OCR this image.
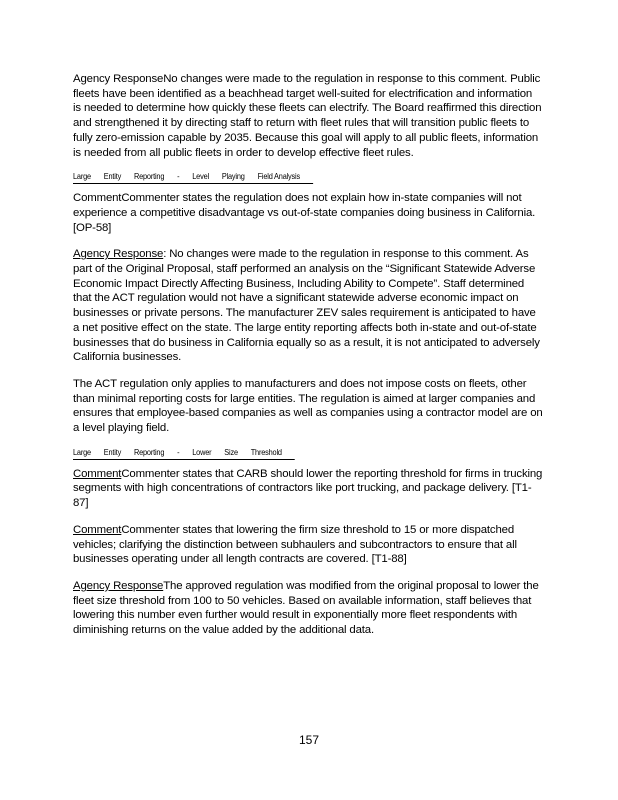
Agency ResponseNo changes were made to the regulation in response to this comment. Public fleets have been identified as a beachhead target well-suited for electrification and information is needed to determine how quickly these fleets can electrify. The Board reaffirmed this direction and strengthened it by directing staff to return with fleet rules that will transition public fleets to fully zero-emission capable by 2035. Because this goal will apply to all public fleets, information is needed from all public fleets in order to develop effective fleet rules.

Large Entity Reporting - Level Playing Field Analysis

CommentCommenter states the regulation does not explain how in-state companies will not experience a competitive disadvantage vs out-of-state companies doing business in California. [OP-58]

Agency Response: No changes were made to the regulation in response to this comment. As part of the Original Proposal, staff performed an analysis on the “Significant Statewide Adverse Economic Impact Directly Affecting Business, Including Ability to Compete”. Staff determined that the ACT regulation would not have a significant statewide adverse economic impact on businesses or private persons. The manufacturer ZEV sales requirement is anticipated to have a net positive effect on the state. The large entity reporting affects both in-state and out-of-state businesses that do business in California equally so as a result, it is not anticipated to adversely California businesses.

The ACT regulation only applies to manufacturers and does not impose costs on fleets, other than minimal reporting costs for large entities. The regulation is aimed at larger companies and ensures that employee-based companies as well as companies using a contractor model are on a level playing field.

Large Entity Reporting - Lower Size Threshold

CommentCommenter states that CARB should lower the reporting threshold for firms in trucking segments with high concentrations of contractors like port trucking, and package delivery. [T1-87]

CommentCommenter states that lowering the firm size threshold to 15 or more dispatched vehicles; clarifying the distinction between subhaulers and subcontractors to ensure that all businesses operating under all length contracts are covered. [T1-88]

Agency ResponseThe approved regulation was modified from the original proposal to lower the fleet size threshold from 100 to 50 vehicles. Based on available information, staff believes that lowering this number even further would result in exponentially more fleet respondents with diminishing returns on the value added by the additional data.

157
